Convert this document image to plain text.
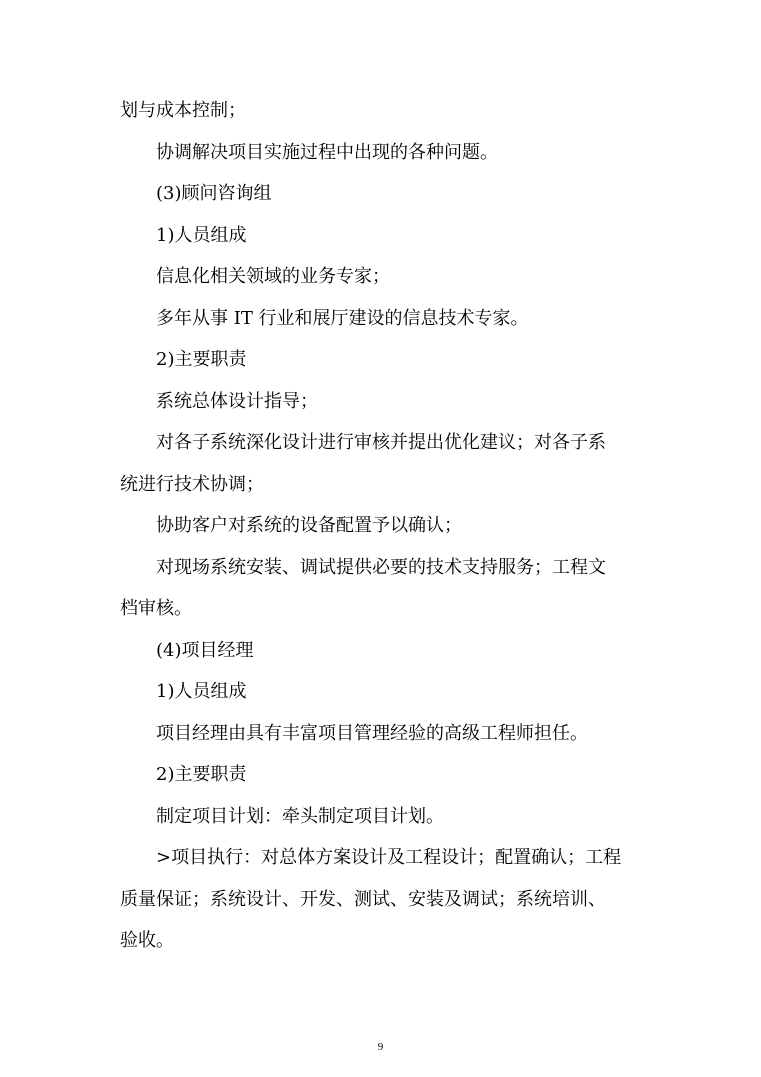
划与成本控制；
协调解决项目实施过程中出现的各种问题。
(3)顾问咨询组
1)人员组成
信息化相关领域的业务专家；
多年从事 IT 行业和展厅建设的信息技术专家。
2)主要职责
系统总体设计指导；
对各子系统深化设计进行审核并提出优化建议；对各子系
统进行技术协调；
协助客户对系统的设备配置予以确认；
对现场系统安装、调试提供必要的技术支持服务；工程文
档审核。
(4)项目经理
1)人员组成
项目经理由具有丰富项目管理经验的高级工程师担任。
2)主要职责
制定项目计划：牵头制定项目计划。
>项目执行：对总体方案设计及工程设计；配置确认；工程
质量保证；系统设计、开发、测试、安装及调试；系统培训、
验收。
9
